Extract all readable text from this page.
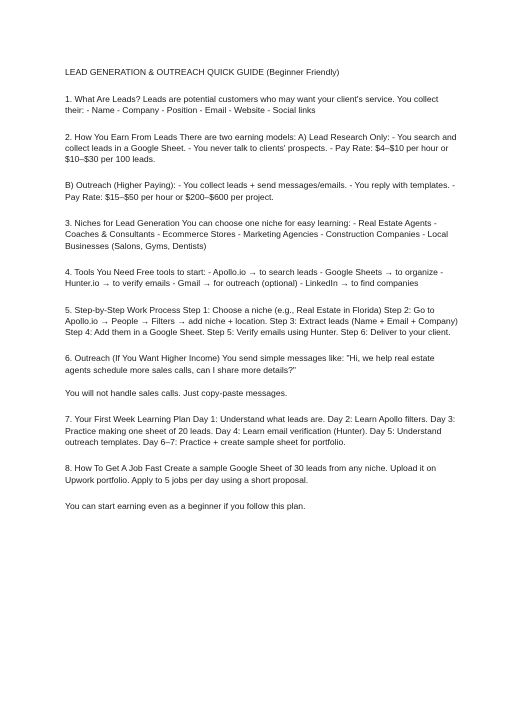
LEAD GENERATION & OUTREACH QUICK GUIDE (Beginner Friendly)

1. What Are Leads? Leads are potential customers who may want your client's service. You collect their: - Name - Company - Position - Email - Website - Social links

2. How You Earn From Leads There are two earning models: A) Lead Research Only: - You search and collect leads in a Google Sheet. - You never talk to clients' prospects. - Pay Rate: $4–$10 per hour or $10–$30 per 100 leads.

B) Outreach (Higher Paying): - You collect leads + send messages/emails. - You reply with templates. - Pay Rate: $15–$50 per hour or $200–$600 per project.

3. Niches for Lead Generation You can choose one niche for easy learning: - Real Estate Agents - Coaches & Consultants - Ecommerce Stores - Marketing Agencies - Construction Companies - Local Businesses (Salons, Gyms, Dentists)

4. Tools You Need Free tools to start: - Apollo.io → to search leads - Google Sheets → to organize - Hunter.io → to verify emails - Gmail → for outreach (optional) - LinkedIn → to find companies

5. Step-by-Step Work Process Step 1: Choose a niche (e.g., Real Estate in Florida) Step 2: Go to Apollo.io → People → Filters → add niche + location. Step 3: Extract leads (Name + Email + Company) Step 4: Add them in a Google Sheet. Step 5: Verify emails using Hunter. Step 6: Deliver to your client.

6. Outreach (If You Want Higher Income) You send simple messages like: "Hi, we help real estate agents schedule more sales calls, can I share more details?"

You will not handle sales calls. Just copy-paste messages.

7. Your First Week Learning Plan Day 1: Understand what leads are. Day 2: Learn Apollo filters. Day 3: Practice making one sheet of 20 leads. Day 4: Learn email verification (Hunter). Day 5: Understand outreach templates. Day 6–7: Practice + create sample sheet for portfolio.

8. How To Get A Job Fast Create a sample Google Sheet of 30 leads from any niche. Upload it on Upwork portfolio. Apply to 5 jobs per day using a short proposal.

You can start earning even as a beginner if you follow this plan.
